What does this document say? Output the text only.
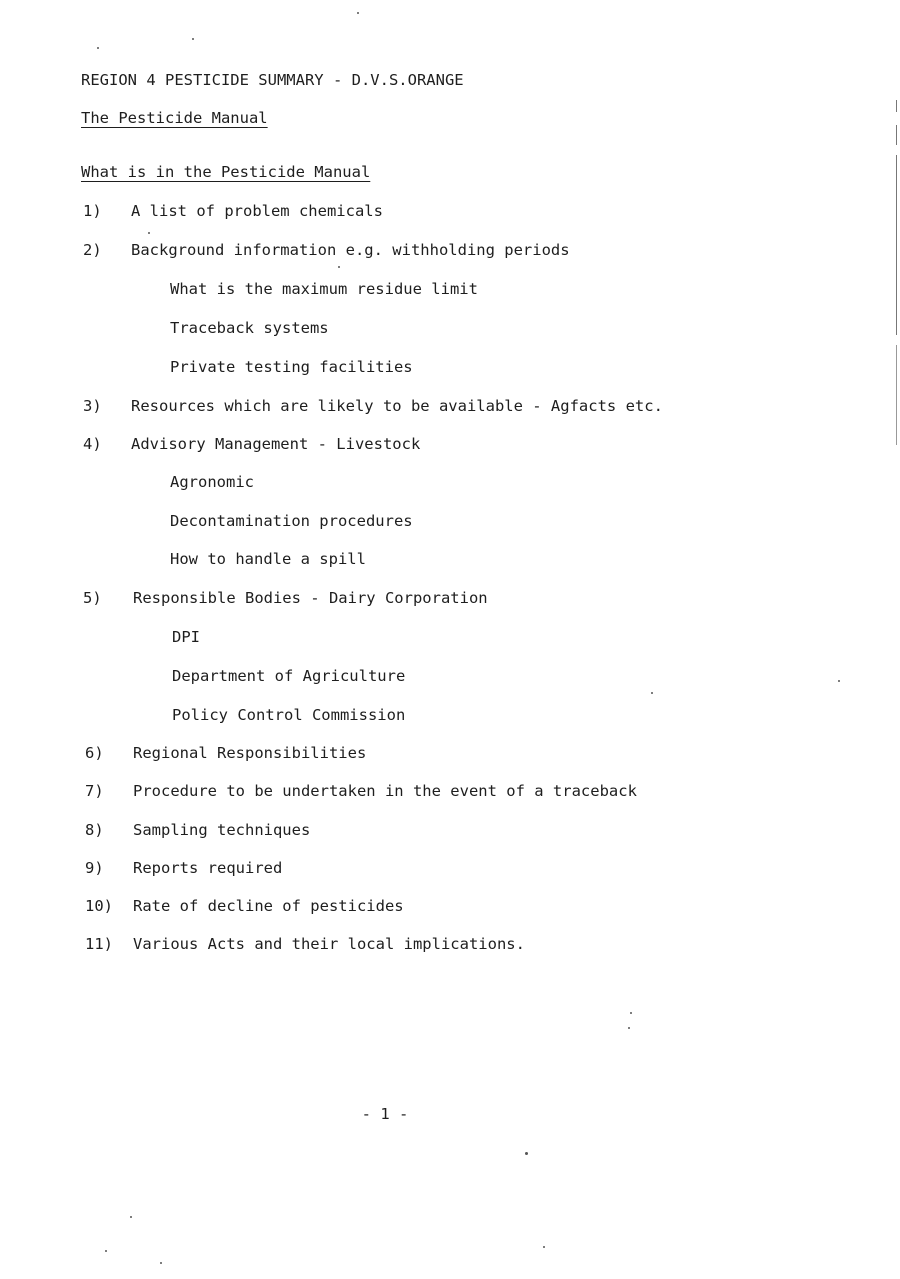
REGION 4 PESTICIDE SUMMARY - D.V.S.ORANGE
The Pesticide Manual
What is in the Pesticide Manual
1) A list of problem chemicals
2) Background information e.g. withholding periods
What is the maximum residue limit
Traceback systems
Private testing facilities
3) Resources which are likely to be available - Agfacts etc.
4) Advisory Management - Livestock
Agronomic
Decontamination procedures
How to handle a spill
5) Responsible Bodies - Dairy Corporation
DPI
Department of Agriculture
Policy Control Commission
6) Regional Responsibilities
7) Procedure to be undertaken in the event of a traceback
8) Sampling techniques
9) Reports required
10) Rate of decline of pesticides
11) Various Acts and their local implications.
- 1 -
